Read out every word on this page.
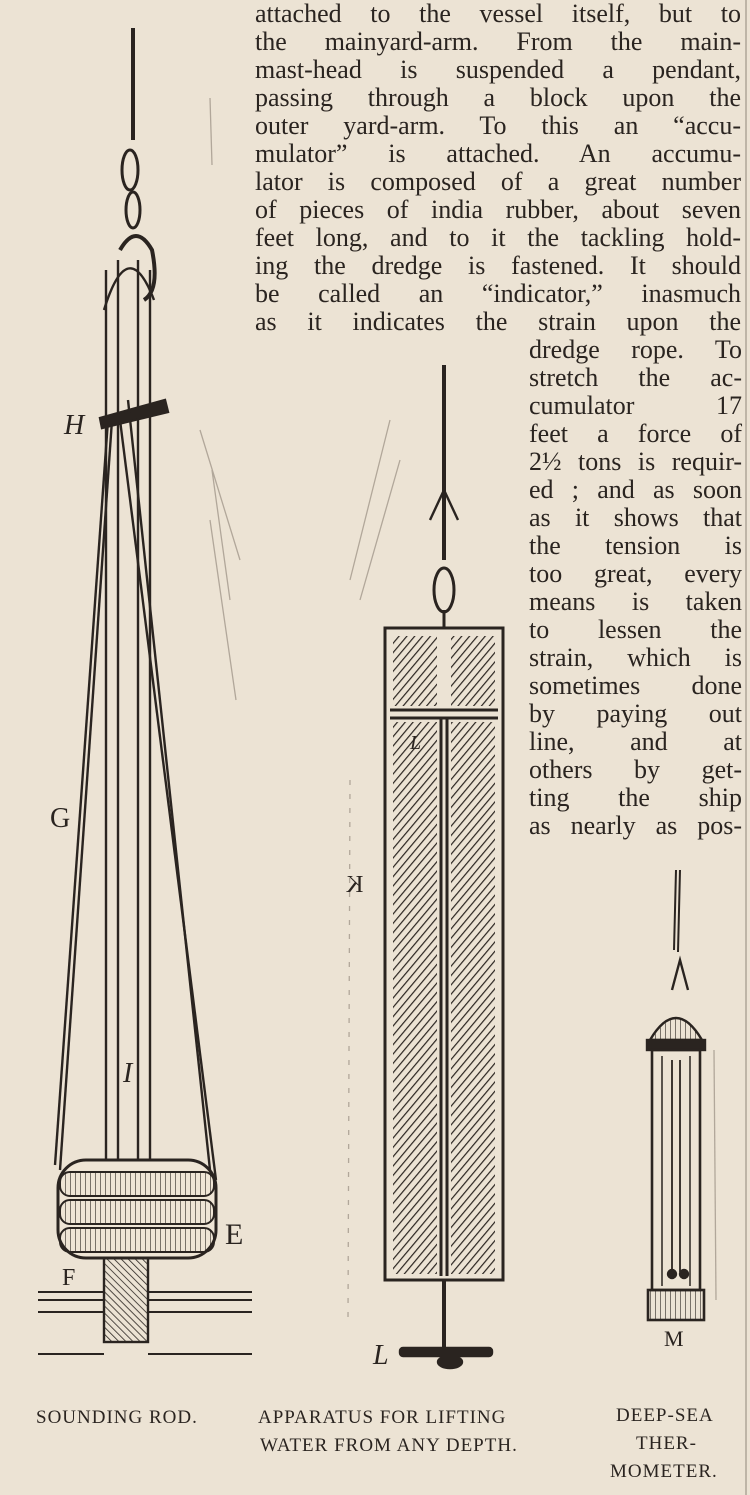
attached to the vessel itself, but to
the mainyard-arm. From the main-
mast-head is suspended a pendant,
passing through a block upon the
outer yard-arm. To this an “accu-
mulator” is attached. An accumu-
lator is composed of a great number
of pieces of india rubber, about seven
feet long, and to it the tackling hold-
ing the dredge is fastened. It should
be called an “indicator,” inasmuch
as it indicates the strain upon the
dredge rope. To
stretch the ac-
cumulator 17
feet a force of
2½ tons is requir-
ed ; and as soon
as it shows that
the tension is
too great, every
means is taken
to lessen the
strain, which is
sometimes done
by paying out
line, and at
others by get-
ting the ship
as nearly as pos-
H
G
I
E
F
K
L
L
M
SOUNDING ROD.	APPARATUS FOR LIFTING
WATER FROM ANY DEPTH.
DEEP-SEA
THER-
MOMETER.
